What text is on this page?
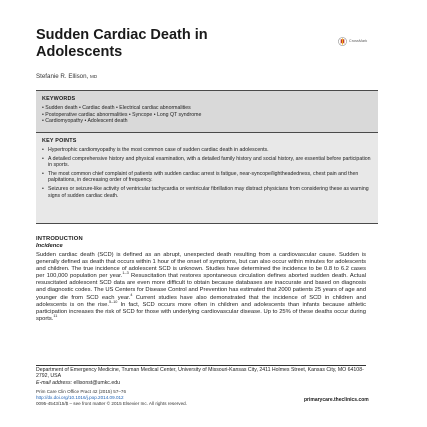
Sudden Cardiac Death in
Adolescents
CrossMark
Stefanie R. Ellison, MD
KEYWORDS
• Sudden death • Cardiac death • Electrical cardiac abnormalities
• Postoperative cardiac abnormalities • Syncope • Long QT syndrome
• Cardiomyopathy • Adolescent death
KEY POINTS
• Hypertrophic cardiomyopathy is the most common case of sudden cardiac death in adolescents.
• A detailed comprehensive history and physical examination, with a detailed family history and social history, are essential before participation in sports.
• The most common chief complaint of patients with sudden cardiac arrest is fatigue, near-syncope/lightheadedness, chest pain and then palpitations, in decreasing order of frequency.
• Seizures or seizure-like activity of ventricular tachycardia or ventricular fibrillation may distract physicians from considering these as warning signs of sudden cardiac death.
INTRODUCTION
Incidence

Sudden cardiac death (SCD) is defined as an abrupt, unexpected death resulting from a cardiovascular cause. Sudden is generally defined as death that occurs within 1 hour of the onset of symptoms, but can also occur within minutes for adolescents and children. The true incidence of adolescent SCD is unknown. Studies have determined the incidence to be 0.8 to 6.2 cases per 100,000 population per year.$^{1-3}$ Resuscitation that restores spontaneous circulation defines aborted sudden death. Actual resuscitated adolescent SCD data are even more difficult to obtain because databases are inaccurate and based on diagnosis and diagnostic codes. The US Centers for Disease Control and Prevention has estimated that 2000 patients 25 years of age and younger die from SCD each year.$^4$ Current studies have also demonstrated that the incidence of SCD in children and adolescents is on the rise.$^{5-10}$ In fact, SCD occurs more often in children and adolescents than infants because athletic participation increases the risk of SCD for those with underlying cardiovascular disease. Up to 25% of these deaths occur during sports.$^{11}$

Department of Emergency Medicine, Truman Medical Center, University of Missouri-Kansas City, 2411 Holmes Street, Kansas City, MO 64108-2792, USA
E-mail address: ellisonst@umkc.edu

Prim Care Clin Office Pract 42 (2015) 57–76
http://dx.doi.org/10.1016/j.pop.2014.09.012
0095-4543/15/$ – see front matter © 2015 Elsevier Inc. All rights reserved.

primarycare.theclinics.com
